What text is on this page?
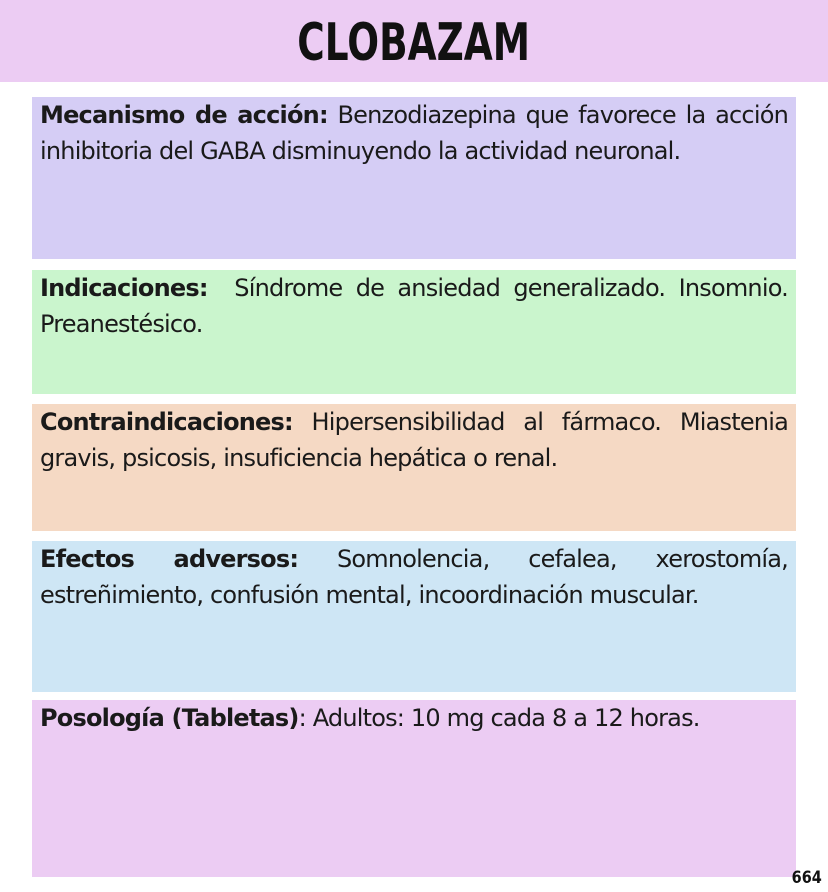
CLOBAZAM

Mecanismo de acción: Benzodiazepina que favorece la acción inhibitoria del GABA disminuyendo la actividad neuronal.

Indicaciones:  Síndrome de ansiedad generalizado. Insomnio. Preanestésico.

Contraindicaciones: Hipersensibilidad al fármaco. Miastenia gravis, psicosis, insuficiencia hepática o renal.

Efectos adversos: Somnolencia, cefalea, xerostomía, estreñimiento, confusión mental, incoordinación muscular.

Posología (Tabletas): Adultos: 10 mg cada 8 a 12 horas.

664
